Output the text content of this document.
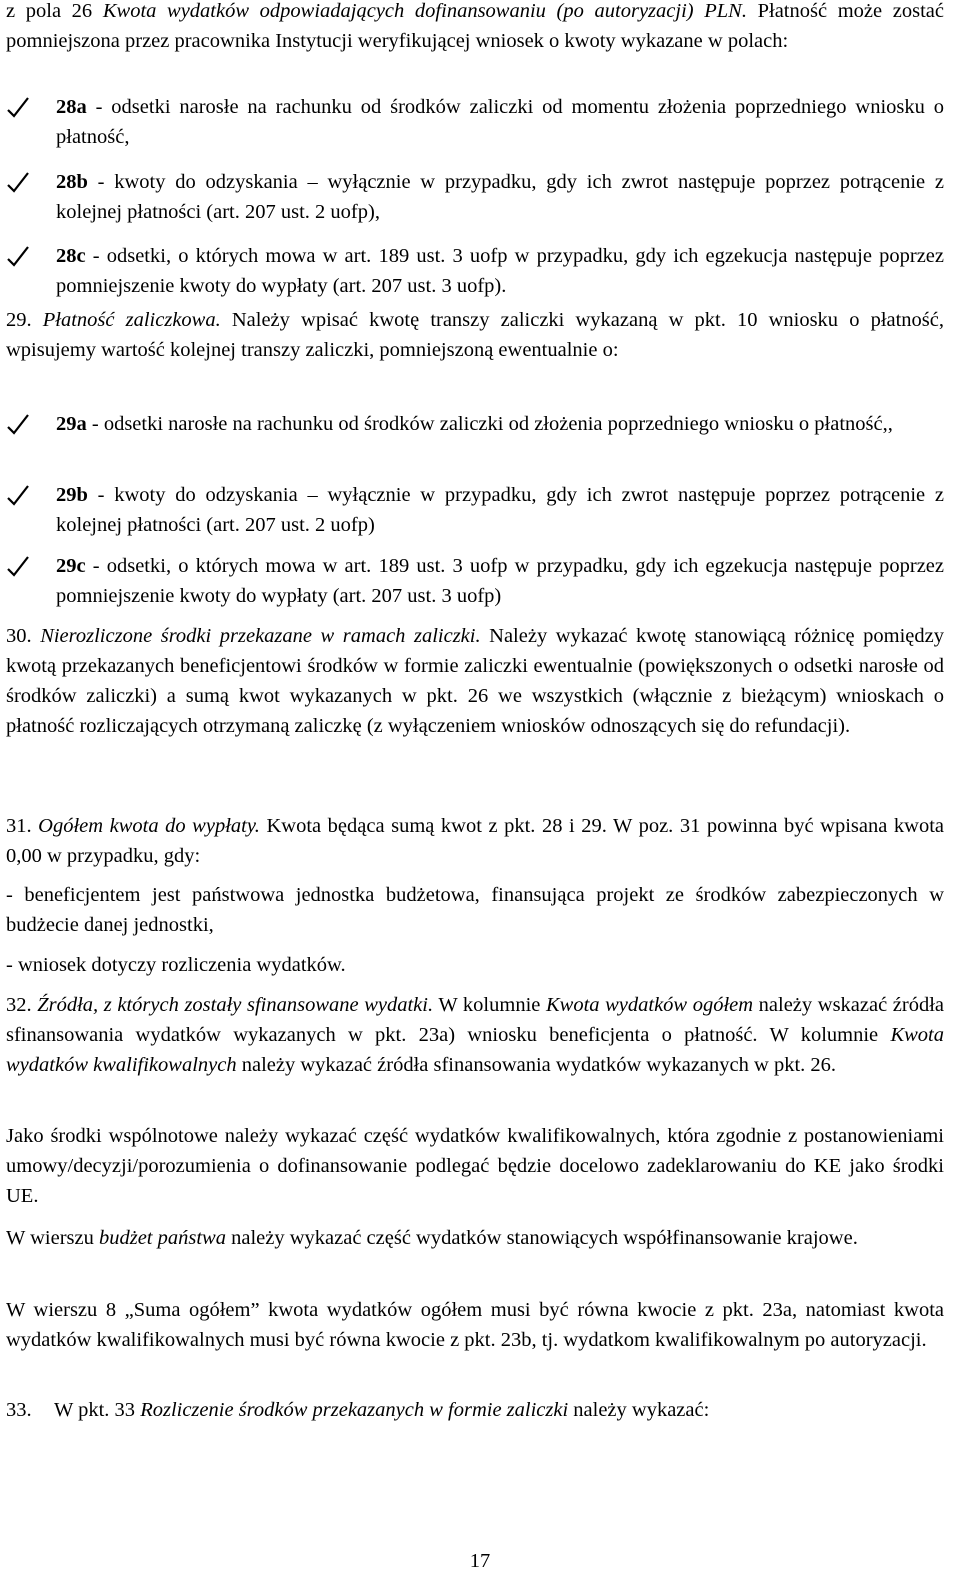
z pola 26 Kwota wydatków odpowiadających dofinansowaniu (po autoryzacji) PLN. Płatność może zostać pomniejszona przez pracownika Instytucji weryfikującej wniosek o kwoty wykazane w polach:

28a - odsetki narosłe na rachunku od środków zaliczki od momentu złożenia poprzedniego wniosku o płatność,
28b - kwoty do odzyskania – wyłącznie w przypadku, gdy ich zwrot następuje poprzez potrącenie z kolejnej płatności (art. 207 ust. 2 uofp),
28c - odsetki, o których mowa w art. 189 ust. 3 uofp w przypadku, gdy ich egzekucja następuje poprzez pomniejszenie kwoty do wypłaty (art. 207 ust. 3 uofp).

29. Płatność zaliczkowa. Należy wpisać kwotę transzy zaliczki wykazaną w pkt. 10 wniosku o płatność, wpisujemy wartość kolejnej transzy zaliczki, pomniejszoną ewentualnie o:

29a - odsetki narosłe na rachunku od środków zaliczki od złożenia poprzedniego wniosku o płatność,,
29b - kwoty do odzyskania – wyłącznie w przypadku, gdy ich zwrot następuje poprzez potrącenie z kolejnej płatności (art. 207 ust. 2 uofp)
29c - odsetki, o których mowa w art. 189 ust. 3 uofp w przypadku, gdy ich egzekucja następuje poprzez pomniejszenie kwoty do wypłaty (art. 207 ust. 3 uofp)

30. Nierozliczone środki przekazane w ramach zaliczki. Należy wykazać kwotę stanowiącą różnicę pomiędzy kwotą przekazanych beneficjentowi środków w formie zaliczki ewentualnie (powiększonych o odsetki narosłe od środków zaliczki) a sumą kwot wykazanych w pkt. 26 we wszystkich (włącznie z bieżącym) wnioskach o płatność rozliczających otrzymaną zaliczkę (z wyłączeniem wniosków odnoszących się do refundacji).

31. Ogółem kwota do wypłaty. Kwota będąca sumą kwot z pkt. 28 i 29. W poz. 31 powinna być wpisana kwota 0,00 w przypadku, gdy:

- beneficjentem jest państwowa jednostka budżetowa, finansująca projekt ze środków zabezpieczonych w budżecie danej jednostki,

- wniosek dotyczy rozliczenia wydatków.

32. Źródła, z których zostały sfinansowane wydatki. W kolumnie Kwota wydatków ogółem należy wskazać źródła sfinansowania wydatków wykazanych w pkt. 23a) wniosku beneficjenta o płatność. W kolumnie Kwota wydatków kwalifikowalnych należy wykazać źródła sfinansowania wydatków wykazanych w pkt. 26.

Jako środki wspólnotowe należy wykazać część wydatków kwalifikowalnych, która zgodnie z postanowieniami umowy/decyzji/porozumienia o dofinansowanie podlegać będzie docelowo zadeklarowaniu do KE jako środki UE.

W wierszu budżet państwa należy wykazać część wydatków stanowiących współfinansowanie krajowe.

W wierszu 8 „Suma ogółem” kwota wydatków ogółem musi być równa kwocie z pkt. 23a, natomiast kwota wydatków kwalifikowalnych musi być równa kwocie z pkt. 23b, tj. wydatkom kwalifikowalnym po autoryzacji.

33. W pkt. 33 Rozliczenie środków przekazanych w formie zaliczki należy wykazać:

17
